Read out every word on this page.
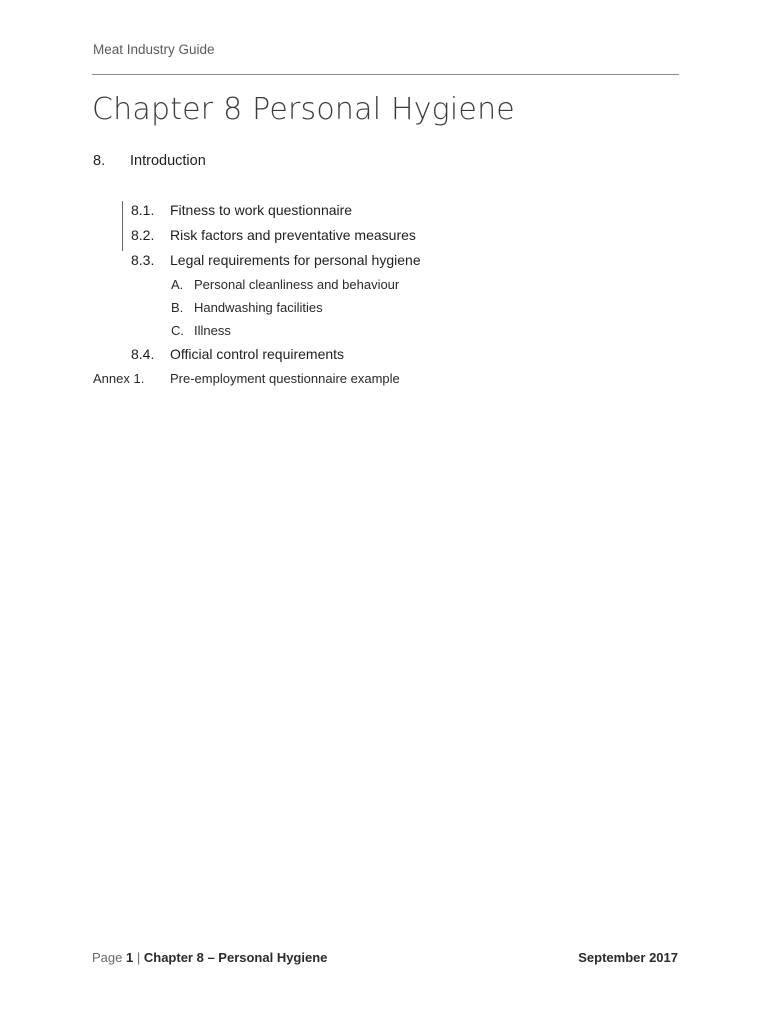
Meat Industry Guide
Chapter 8 Personal Hygiene
8. Introduction
8.1. Fitness to work questionnaire
8.2. Risk factors and preventative measures
8.3. Legal requirements for personal hygiene
A. Personal cleanliness and behaviour
B. Handwashing facilities
C. Illness
8.4. Official control requirements
Annex 1. Pre-employment questionnaire example
Page 1 | Chapter 8 – Personal Hygiene	September 2017
